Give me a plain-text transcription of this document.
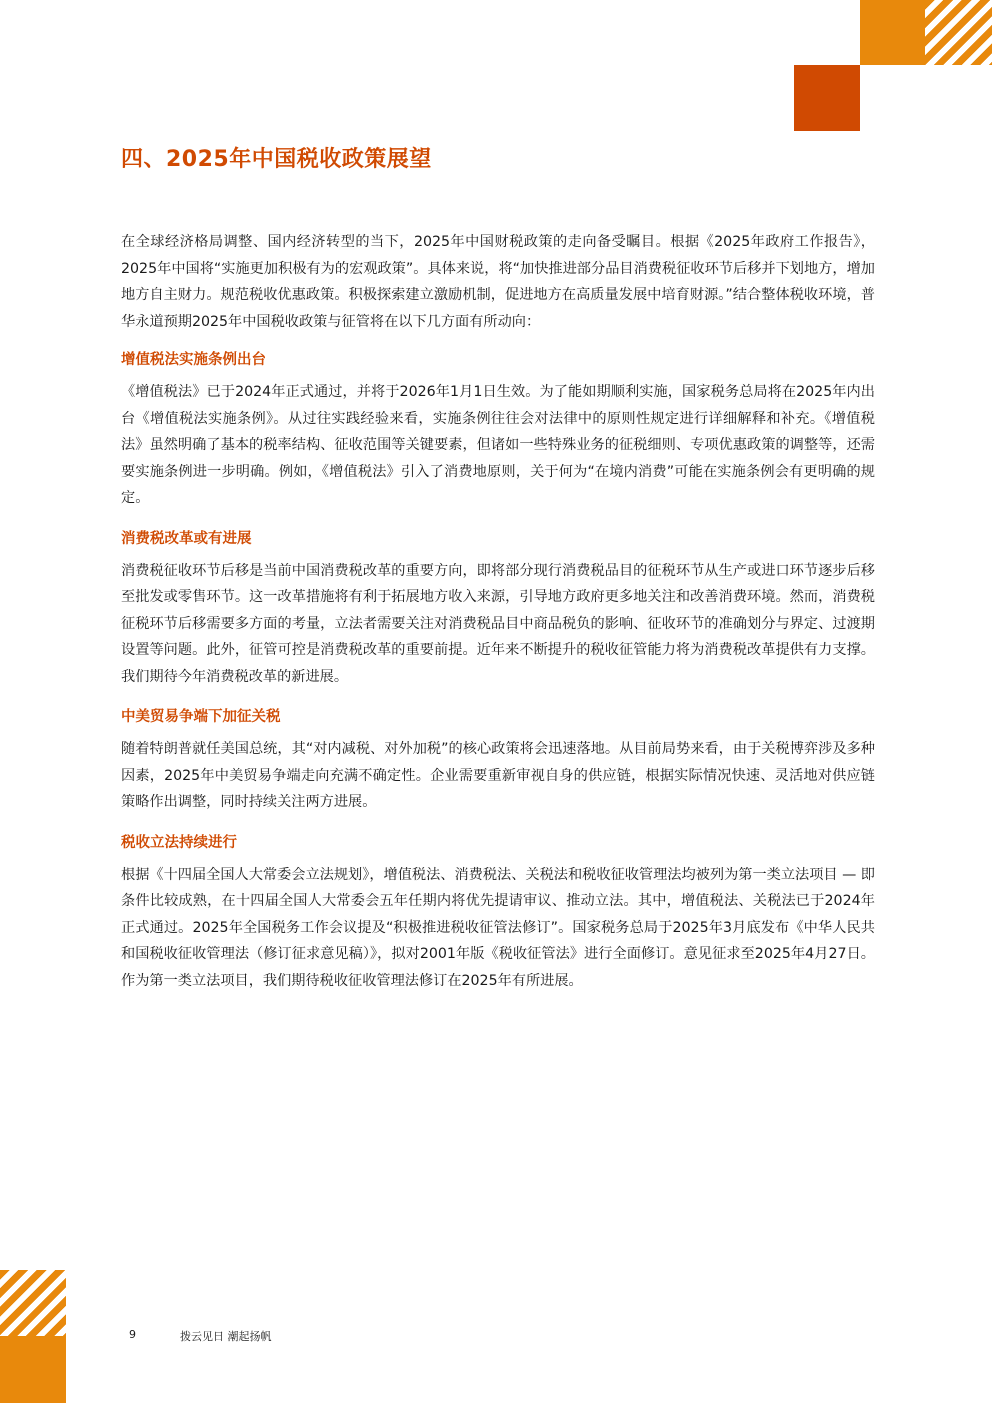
四、2025年中国税收政策展望

在全球经济格局调整、国内经济转型的当下，2025年中国财税政策的走向备受瞩目。根据《2025年政府工作报告》，2025年中国将“实施更加积极有为的宏观政策”。具体来说，将“加快推进部分品目消费税征收环节后移并下划地方，增加地方自主财力。规范税收优惠政策。积极探索建立激励机制，促进地方在高质量发展中培育财源。”结合整体税收环境，普华永道预期2025年中国税收政策与征管将在以下几方面有所动向：

增值税法实施条例出台

《增值税法》已于2024年正式通过，并将于2026年1月1日生效。为了能如期顺利实施，国家税务总局将在2025年内出台《增值税法实施条例》。从过往实践经验来看，实施条例往往会对法律中的原则性规定进行详细解释和补充。《增值税法》虽然明确了基本的税率结构、征收范围等关键要素，但诸如一些特殊业务的征税细则、专项优惠政策的调整等，还需要实施条例进一步明确。例如，《增值税法》引入了消费地原则，关于何为“在境内消费”可能在实施条例会有更明确的规定。

消费税改革或有进展

消费税征收环节后移是当前中国消费税改革的重要方向，即将部分现行消费税品目的征税环节从生产或进口环节逐步后移至批发或零售环节。这一改革措施将有利于拓展地方收入来源，引导地方政府更多地关注和改善消费环境。然而，消费税征税环节后移需要多方面的考量，立法者需要关注对消费税品目中商品税负的影响、征收环节的准确划分与界定、过渡期设置等问题。此外，征管可控是消费税改革的重要前提。近年来不断提升的税收征管能力将为消费税改革提供有力支撑。我们期待今年消费税改革的新进展。

中美贸易争端下加征关税

随着特朗普就任美国总统，其“对内减税、对外加税”的核心政策将会迅速落地。从目前局势来看，由于关税博弈涉及多种因素，2025年中美贸易争端走向充满不确定性。企业需要重新审视自身的供应链，根据实际情况快速、灵活地对供应链策略作出调整，同时持续关注两方进展。

税收立法持续进行

根据《十四届全国人大常委会立法规划》，增值税法、消费税法、关税法和税收征收管理法均被列为第一类立法项目 — 即条件比较成熟，在十四届全国人大常委会五年任期内将优先提请审议、推动立法。其中，增值税法、关税法已于2024年正式通过。2025年全国税务工作会议提及“积极推进税收征管法修订”。国家税务总局于2025年3月底发布《中华人民共和国税收征收管理法（修订征求意见稿）》，拟对2001年版《税收征管法》进行全面修订。意见征求至2025年4月27日。作为第一类立法项目，我们期待税收征收管理法修订在2025年有所进展。

9	拨云见日 潮起扬帆
